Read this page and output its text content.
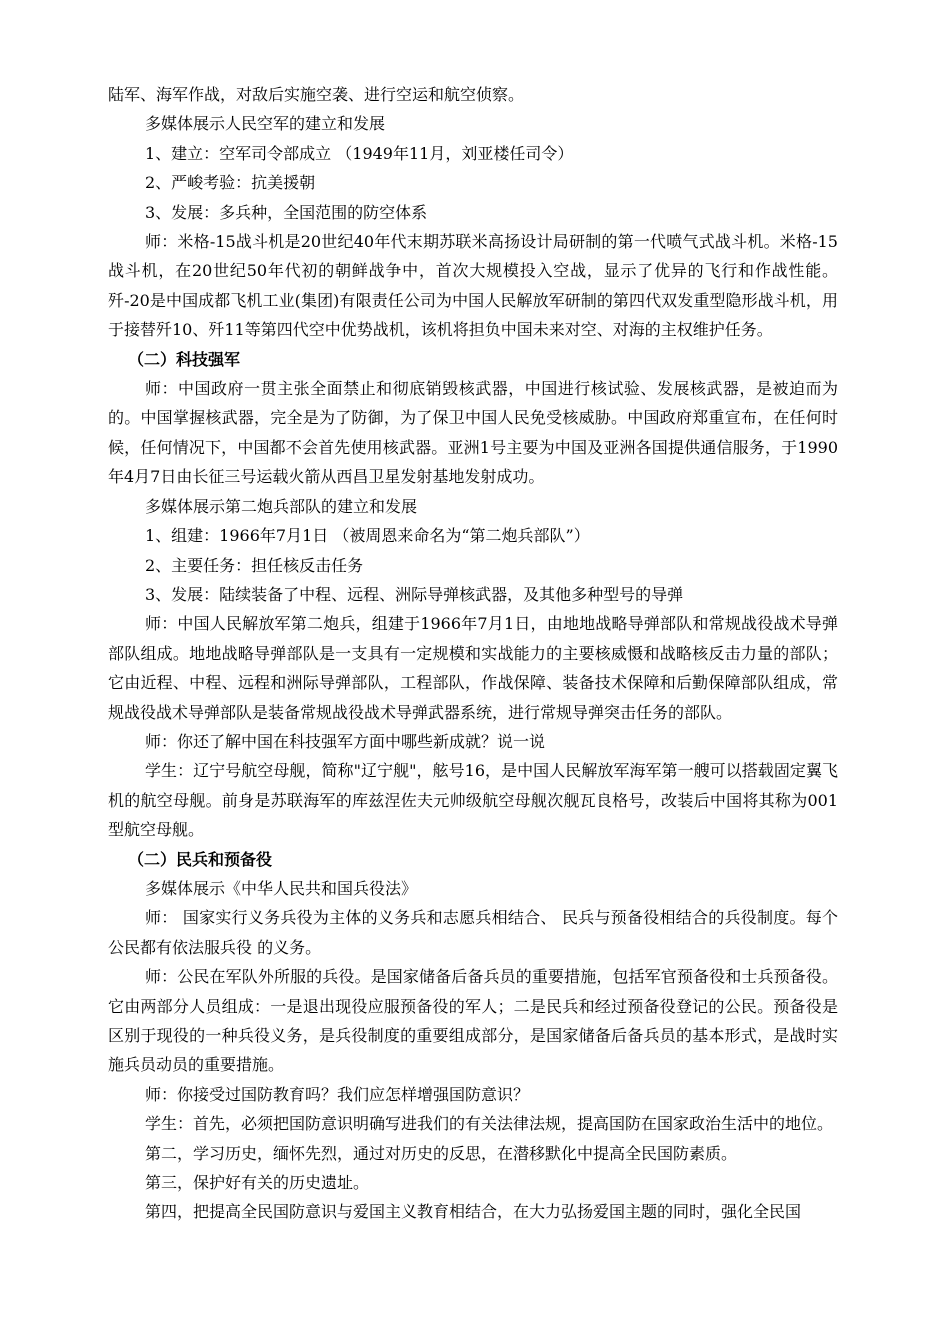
陆军、海军作战，对敌后实施空袭、进行空运和航空侦察。

多媒体展示人民空军的建立和发展

1、建立：空军司令部成立 （1949年11月，刘亚楼任司令）

2、严峻考验：抗美援朝

3、发展：多兵种，全国范围的防空体系

师：米格-15战斗机是20世纪40年代末期苏联米高扬设计局研制的第一代喷气式战斗机。米格-15战斗机，在20世纪50年代初的朝鲜战争中，首次大规模投入空战，显示了优异的飞行和作战性能。歼-20是中国成都飞机工业(集团)有限责任公司为中国人民解放军研制的第四代双发重型隐形战斗机，用于接替歼10、歼11等第四代空中优势战机，该机将担负中国未来对空、对海的主权维护任务。

（二）科技强军

师：中国政府一贯主张全面禁止和彻底销毁核武器，中国进行核试验、发展核武器，是被迫而为的。中国掌握核武器，完全是为了防御，为了保卫中国人民免受核威胁。中国政府郑重宣布，在任何时候，任何情况下，中国都不会首先使用核武器。亚洲1号主要为中国及亚洲各国提供通信服务，于1990年4月7日由长征三号运载火箭从西昌卫星发射基地发射成功。

多媒体展示第二炮兵部队的建立和发展

1、组建：1966年7月1日 （被周恩来命名为“第二炮兵部队”）

2、主要任务：担任核反击任务

3、发展：陆续装备了中程、远程、洲际导弹核武器，及其他多种型号的导弹

师：中国人民解放军第二炮兵，组建于1966年7月1日，由地地战略导弹部队和常规战役战术导弹部队组成。地地战略导弹部队是一支具有一定规模和实战能力的主要核威慑和战略核反击力量的部队；它由近程、中程、远程和洲际导弹部队，工程部队，作战保障、装备技术保障和后勤保障部队组成，常规战役战术导弹部队是装备常规战役战术导弹武器系统，进行常规导弹突击任务的部队。

师：你还了解中国在科技强军方面中哪些新成就？说一说

学生：辽宁号航空母舰，简称"辽宁舰"，舷号16，是中国人民解放军海军第一艘可以搭载固定翼飞机的航空母舰。前身是苏联海军的库兹涅佐夫元帅级航空母舰次舰瓦良格号，改装后中国将其称为001型航空母舰。

（二）民兵和预备役

多媒体展示《中华人民共和国兵役法》

师： 国家实行义务兵役为主体的义务兵和志愿兵相结合、 民兵与预备役相结合的兵役制度。每个公民都有依法服兵役 的义务。

师：公民在军队外所服的兵役。是国家储备后备兵员的重要措施，包括军官预备役和士兵预备役。它由两部分人员组成：一是退出现役应服预备役的军人；二是民兵和经过预备役登记的公民。预备役是区别于现役的一种兵役义务，是兵役制度的重要组成部分，是国家储备后备兵员的基本形式，是战时实施兵员动员的重要措施。

师：你接受过国防教育吗？我们应怎样增强国防意识？

学生：首先，必须把国防意识明确写进我们的有关法律法规，提高国防在国家政治生活中的地位。

第二，学习历史，缅怀先烈，通过对历史的反思，在潜移默化中提高全民国防素质。

第三，保护好有关的历史遗址。

第四，把提高全民国防意识与爱国主义教育相结合，在大力弘扬爱国主题的同时，强化全民国
